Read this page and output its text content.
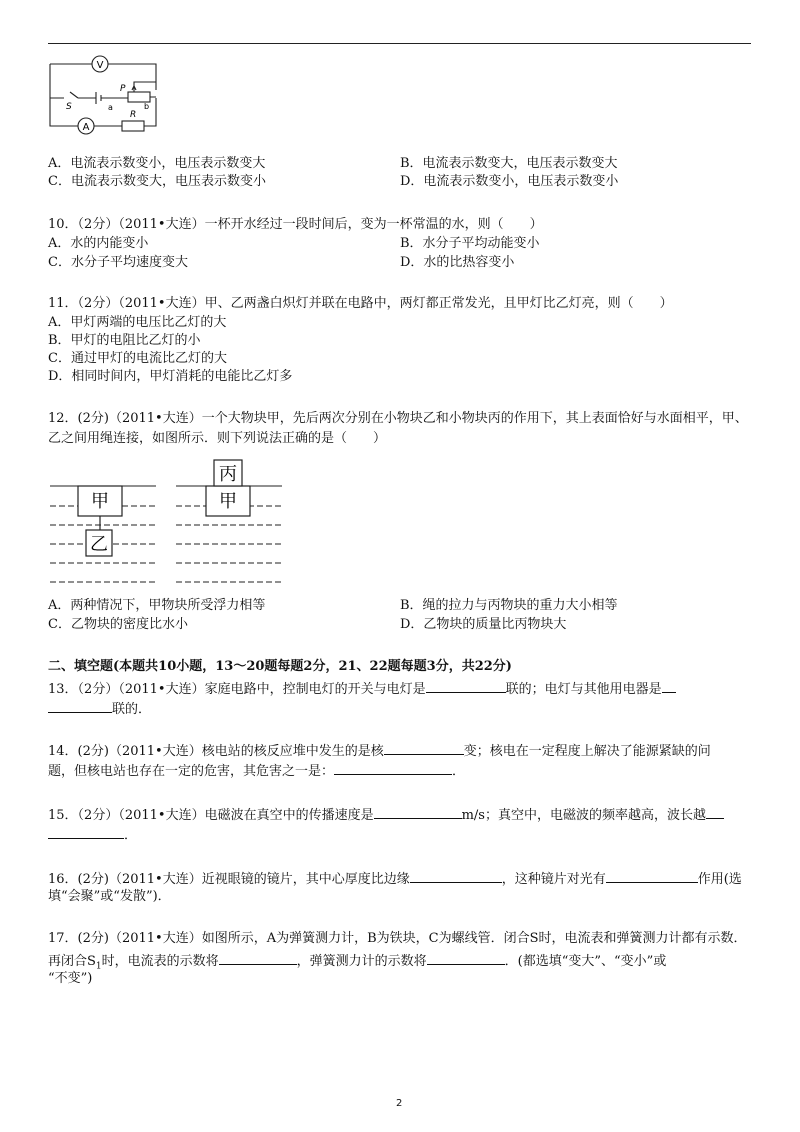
V
A
P
b
a
S
R
A．电流表示数变小，电压表示数变大	B．电流表示数变大，电压表示数变大
C．电流表示数变大，电压表示数变小	D．电流表示数变小，电压表示数变小
10．（2分）（2011•大连）一杯开水经过一段时间后，变为一杯常温的水，则（　　）
A．水的内能变小	B．水分子平均动能变小
C．水分子平均速度变大	D．水的比热容变小
11．（2分）（2011•大连）甲、乙两盏白炽灯并联在电路中，两灯都正常发光，且甲灯比乙灯亮，则（　　）
A．甲灯两端的电压比乙灯的大
B．甲灯的电阻比乙灯的小
C．通过甲灯的电流比乙灯的大
D．相同时间内，甲灯消耗的电能比乙灯多
12．(2分)（2011•大连）一个大物块甲，先后两次分别在小物块乙和小物块丙的作用下，其上表面恰好与水面相平，甲、
乙之间用绳连接，如图所示．则下列说法正确的是（　　）
甲
乙
甲
丙
A．两种情况下，甲物块所受浮力相等	B．绳的拉力与丙物块的重力大小相等
C．乙物块的密度比水小	D．乙物块的质量比丙物块大
二、填空题(本题共10小题，13～20题每题2分，21、22题每题3分，共22分)
13．（2分）（2011•大连）家庭电路中，控制电灯的开关与电灯是	联的；电灯与其他用电器是
联的．
14．(2分)（2011•大连）核电站的核反应堆中发生的是核	变；核电在一定程度上解决了能源紧缺的问
题，但核电站也存在一定的危害，其危害之一是：	．
15．（2分）（2011•大连）电磁波在真空中的传播速度是	m/s；真空中，电磁波的频率越高，波长越
．
16．(2分)（2011•大连）近视眼镜的镜片，其中心厚度比边缘	，这种镜片对光有	作用(选
填“会聚”或“发散”)．
17．(2分)（2011•大连）如图所示，A为弹簧测力计，B为铁块，C为螺线管．闭合S时，电流表和弹簧测力计都有示数．
再闭合$S_1$时，电流表的示数将	，弹簧测力计的示数将	．(都选填“变大”、“变小”或
“不变”)
2
